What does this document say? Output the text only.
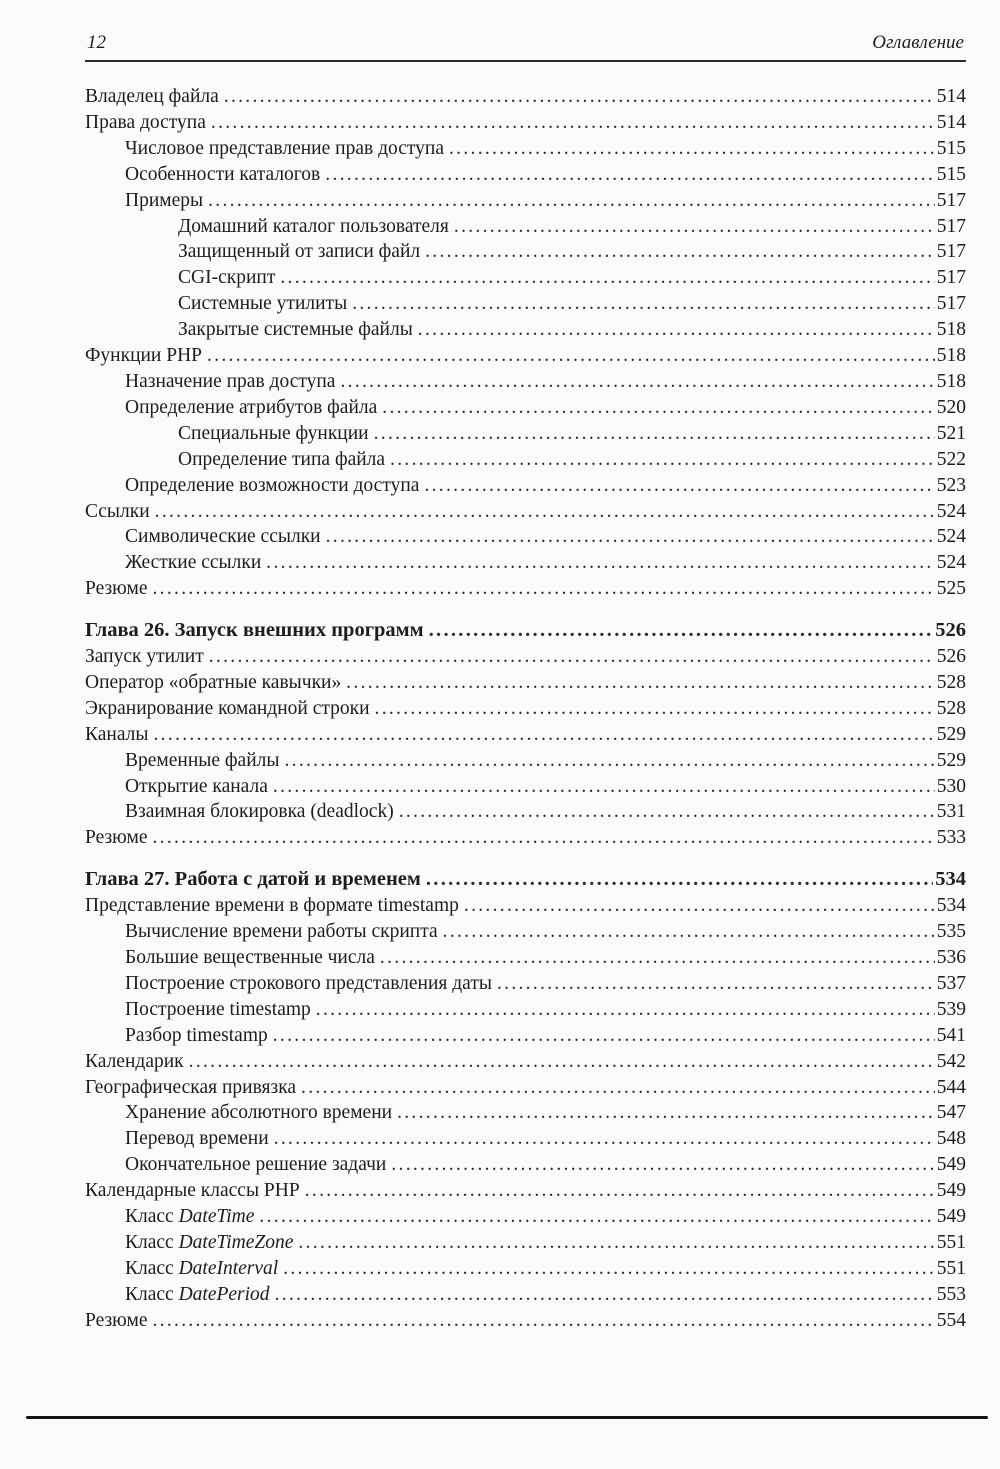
12	Оглавление
Владелец файла .....	514
Права доступа .....	514
Числовое представление прав доступа .....	515
Особенности каталогов .....	515
Примеры .....	517
Домашний каталог пользователя .....	517
Защищенный от записи файл .....	517
CGI-скрипт .....	517
Системные утилиты .....	517
Закрытые системные файлы .....	518
Функции PHP .....	518
Назначение прав доступа .....	518
Определение атрибутов файла .....	520
Специальные функции .....	521
Определение типа файла .....	522
Определение возможности доступа .....	523
Ссылки .....	524
Символические ссылки .....	524
Жесткие ссылки .....	524
Резюме .....	525
Глава 26. Запуск внешних программ .....	526
Запуск утилит .....	526
Оператор «обратные кавычки» .....	528
Экранирование командной строки .....	528
Каналы .....	529
Временные файлы .....	529
Открытие канала .....	530
Взаимная блокировка (deadlock) .....	531
Резюме .....	533
Глава 27. Работа с датой и временем .....	534
Представление времени в формате timestamp .....	534
Вычисление времени работы скрипта .....	535
Большие вещественные числа .....	536
Построение строкового представления даты .....	537
Построение timestamp .....	539
Разбор timestamp .....	541
Календарик .....	542
Географическая привязка .....	544
Хранение абсолютного времени .....	547
Перевод времени .....	548
Окончательное решение задачи .....	549
Календарные классы PHP .....	549
Класс DateTime .....	549
Класс DateTimeZone .....	551
Класс DateInterval .....	551
Класс DatePeriod .....	553
Резюме .....	554
